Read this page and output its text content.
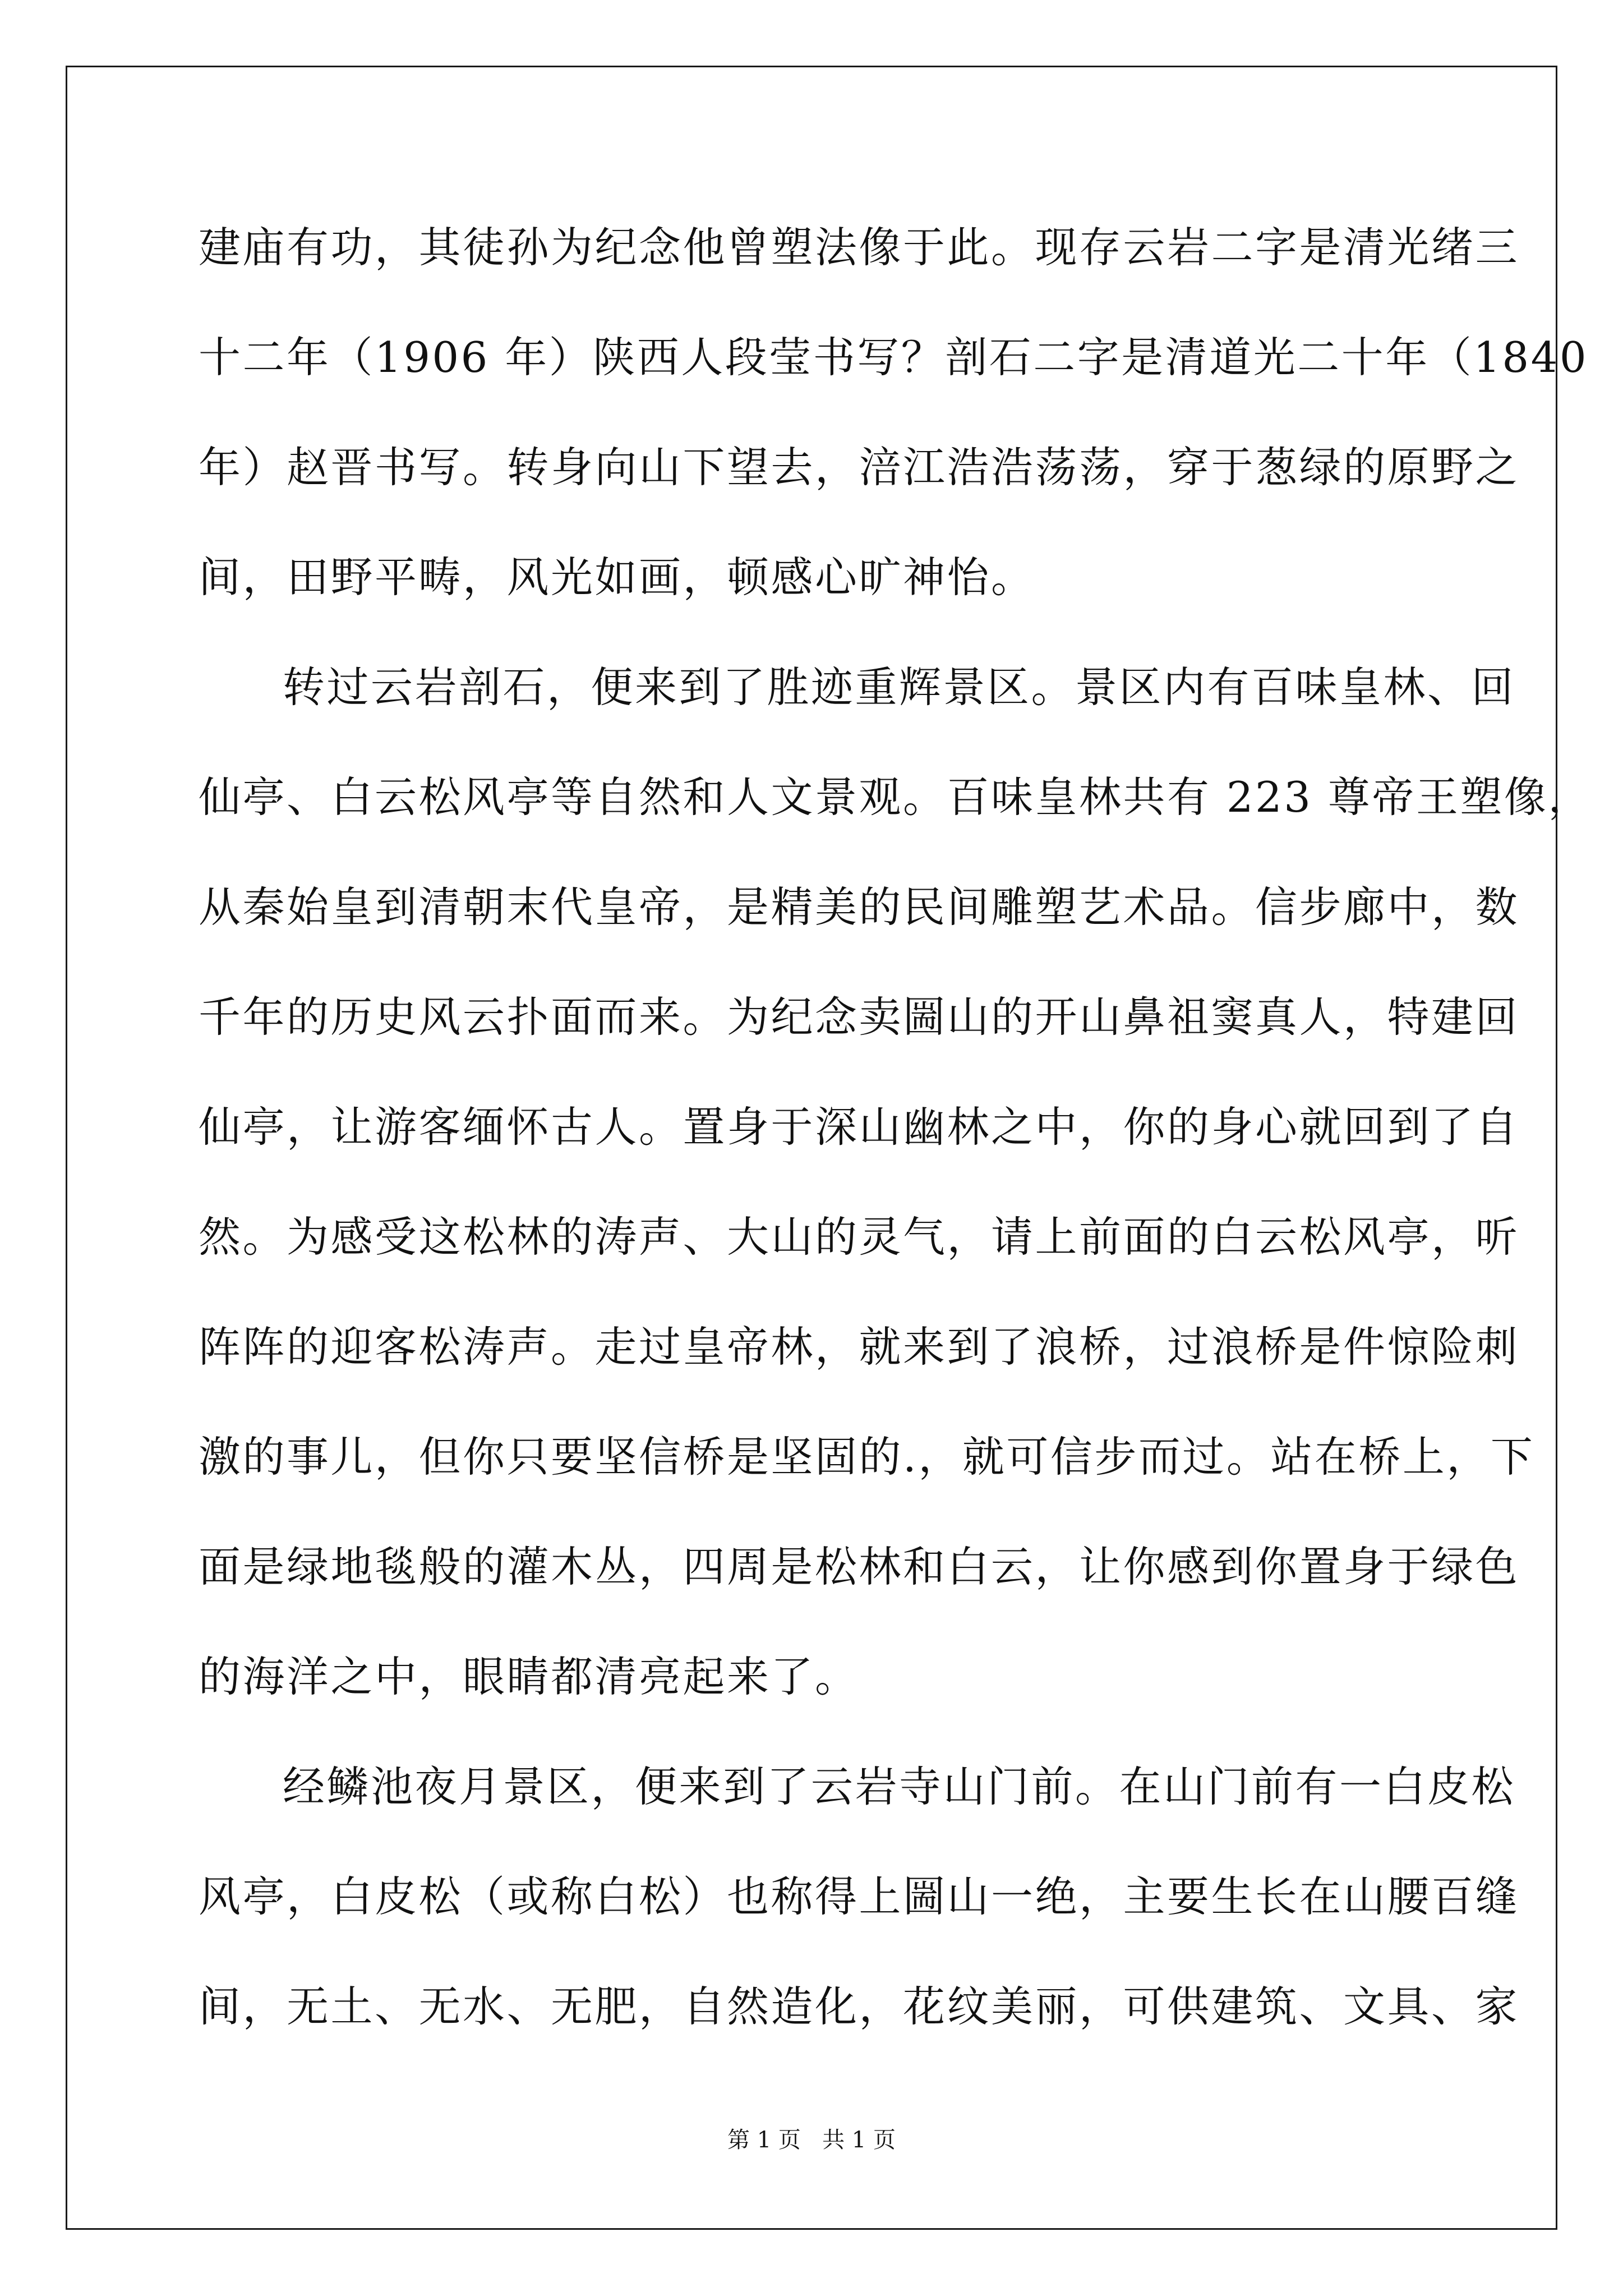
建庙有功，其徒孙为纪念他曾塑法像于此。现存云岩二字是清光绪三
十二年（1906 年）陕西人段莹书写？剖石二字是清道光二十年（1840
年）赵晋书写。转身向山下望去，涪江浩浩荡荡，穿于葱绿的原野之
间，田野平畴，风光如画，顿感心旷神怡。
转过云岩剖石，便来到了胜迹重辉景区。景区内有百味皇林、回
仙亭、白云松风亭等自然和人文景观。百味皇林共有 223 尊帝王塑像，
从秦始皇到清朝末代皇帝，是精美的民间雕塑艺术品。信步廊中，数
千年的历史风云扑面而来。为纪念卖圌山的开山鼻祖窦真人，特建回
仙亭，让游客缅怀古人。置身于深山幽林之中，你的身心就回到了自
然。为感受这松林的涛声、大山的灵气，请上前面的白云松风亭，听
阵阵的迎客松涛声。走过皇帝林，就来到了浪桥，过浪桥是件惊险刺
激的事儿，但你只要坚信桥是坚固的.，就可信步而过。站在桥上，下
面是绿地毯般的灌木丛，四周是松林和白云，让你感到你置身于绿色
的海洋之中，眼睛都清亮起来了。
经鳞池夜月景区，便来到了云岩寺山门前。在山门前有一白皮松
风亭，白皮松（或称白松）也称得上圌山一绝，主要生长在山腰百缝
间，无土、无水、无肥，自然造化，花纹美丽，可供建筑、文具、家
第 1 页   共 1 页
